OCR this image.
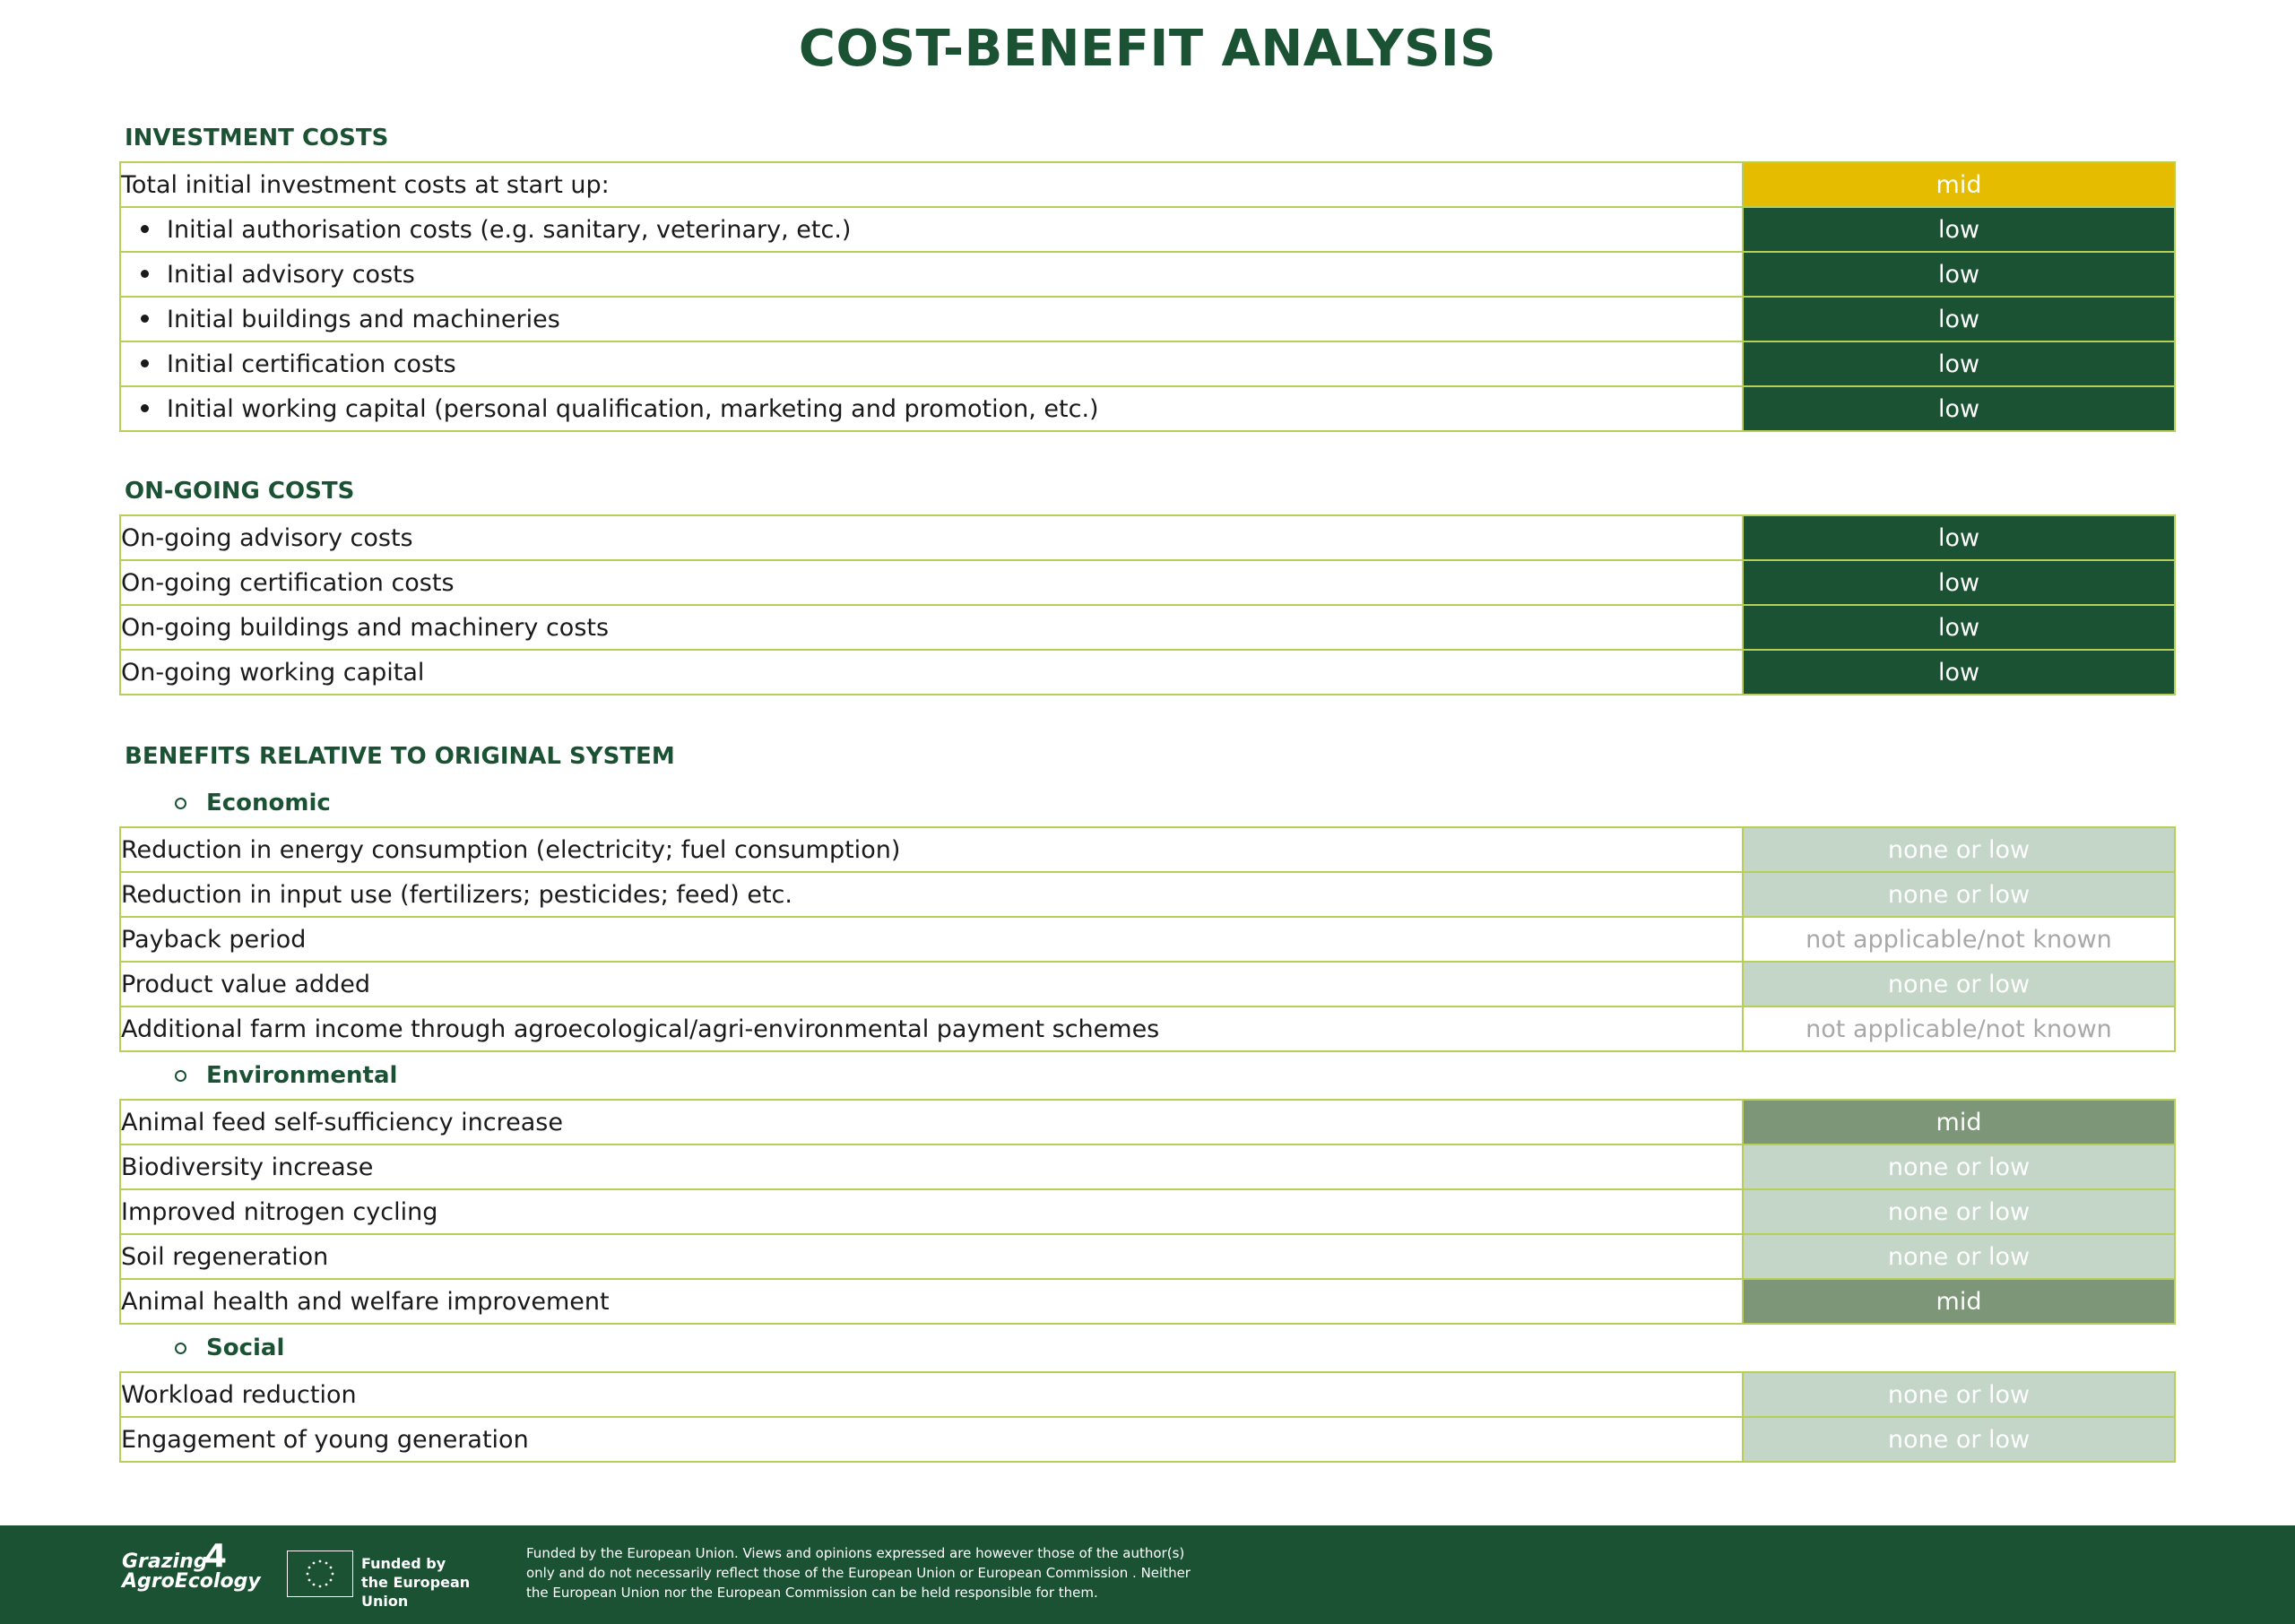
COST-BENEFIT ANALYSIS
INVESTMENT COSTS
Total initial investment costs at start up:	mid
Initial authorisation costs (e.g. sanitary, veterinary, etc.)	low
Initial advisory costs	low
Initial buildings and machineries	low
Initial certification costs	low
Initial working capital (personal qualification, marketing and promotion, etc.)	low
ON-GOING COSTS
On-going advisory costs	low
On-going certification costs	low
On-going buildings and machinery costs	low
On-going working capital	low
BENEFITS RELATIVE TO ORIGINAL SYSTEM
Economic
Reduction in energy consumption (electricity; fuel consumption)	none or low
Reduction in input use (fertilizers; pesticides; feed) etc.	none or low
Payback period	not applicable/not known
Product value added	none or low
Additional farm income through agroecological/agri-environmental payment schemes	not applicable/not known
Environmental
Animal feed self-sufficiency increase	mid
Biodiversity increase	none or low
Improved nitrogen cycling	none or low
Soil regeneration	none or low
Animal health and welfare improvement	mid
Social
Workload reduction	none or low
Engagement of young generation	none or low
Grazing
AgroEcology
4	Funded by
the European Union
Funded by the European Union. Views and opinions expressed are however those of the author(s)
only and do not necessarily reflect those of the European Union or European Commission . Neither
the European Union nor the European Commission can be held responsible for them.
